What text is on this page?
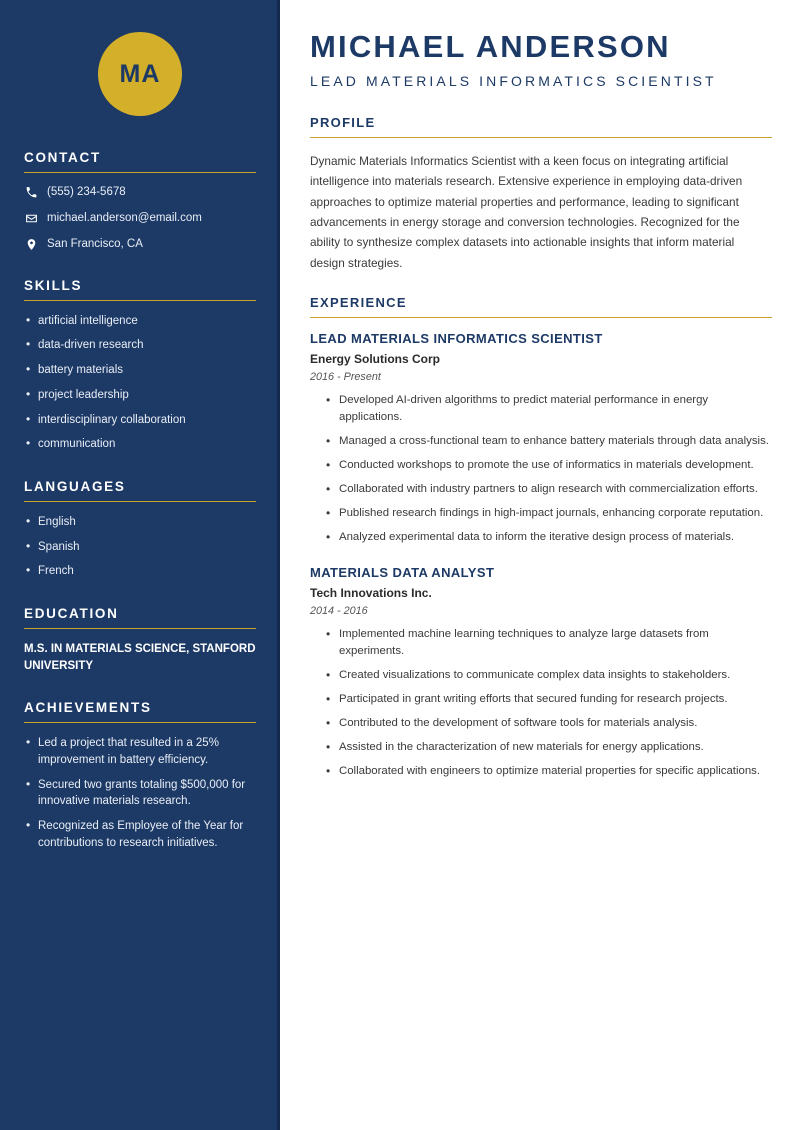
MA
CONTACT
(555) 234-5678
michael.anderson@email.com
San Francisco, CA
SKILLS
• artificial intelligence
• data-driven research
• battery materials
• project leadership
• interdisciplinary collaboration
• communication
LANGUAGES
• English
• Spanish
• French
EDUCATION
M.S. IN MATERIALS SCIENCE, STANFORD UNIVERSITY
ACHIEVEMENTS
• Led a project that resulted in a 25% improvement in battery efficiency.
• Secured two grants totaling $500,000 for innovative materials research.
• Recognized as Employee of the Year for contributions to research initiatives.
MICHAEL ANDERSON
LEAD MATERIALS INFORMATICS SCIENTIST
PROFILE

Dynamic Materials Informatics Scientist with a keen focus on integrating artificial intelligence into materials research. Extensive experience in employing data-driven approaches to optimize material properties and performance, leading to significant advancements in energy storage and conversion technologies. Recognized for the ability to synthesize complex datasets into actionable insights that inform material design strategies.

EXPERIENCE
LEAD MATERIALS INFORMATICS SCIENTIST
Energy Solutions Corp
2016 - Present
• Developed AI-driven algorithms to predict material performance in energy applications.
• Managed a cross-functional team to enhance battery materials through data analysis.
• Conducted workshops to promote the use of informatics in materials development.
• Collaborated with industry partners to align research with commercialization efforts.
• Published research findings in high-impact journals, enhancing corporate reputation.
• Analyzed experimental data to inform the iterative design process of materials.
MATERIALS DATA ANALYST
Tech Innovations Inc.
2014 - 2016
• Implemented machine learning techniques to analyze large datasets from experiments.
• Created visualizations to communicate complex data insights to stakeholders.
• Participated in grant writing efforts that secured funding for research projects.
• Contributed to the development of software tools for materials analysis.
• Assisted in the characterization of new materials for energy applications.
• Collaborated with engineers to optimize material properties for specific applications.
